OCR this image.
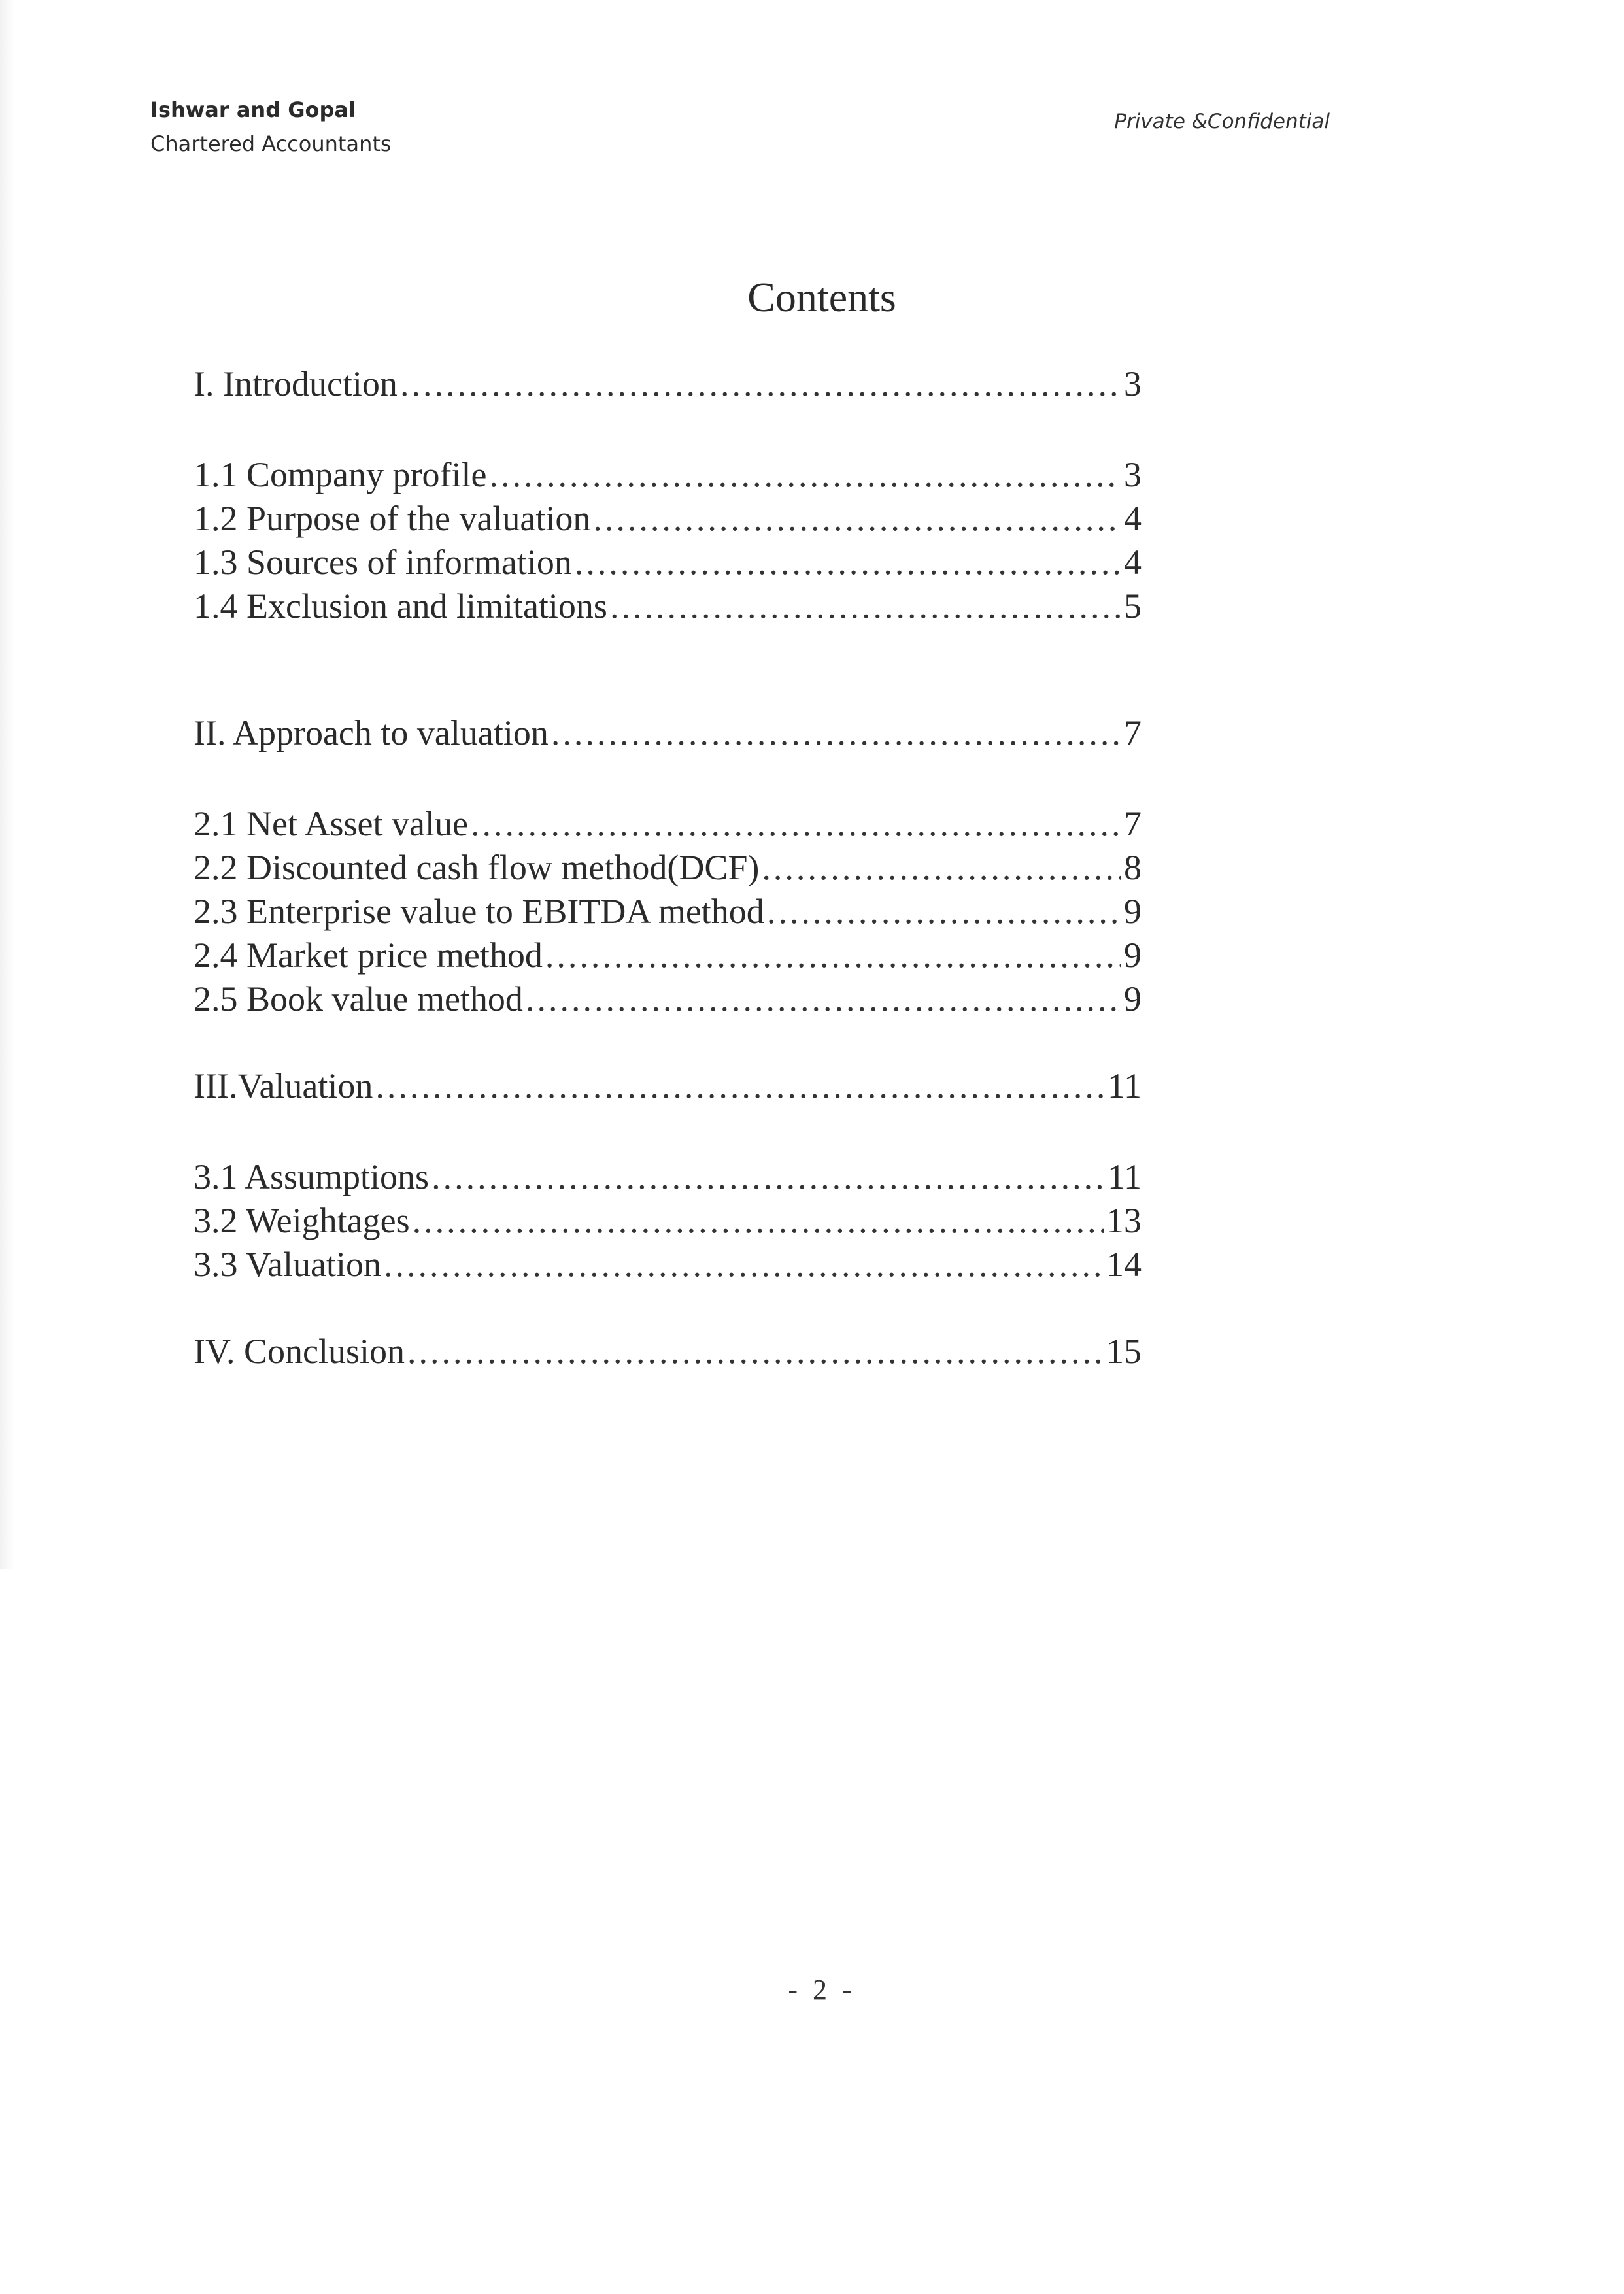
Ishwar and Gopal
Chartered Accountants
Private &Confidential
Contents
I. Introduction .....	3
1.1 Company profile .....	3
1.2 Purpose of the valuation .....	4
1.3 Sources of information .....	4
1.4 Exclusion and limitations .....	5
II. Approach to valuation .....	7
2.1 Net Asset value .....	7
2.2 Discounted cash flow method(DCF) .....	8
2.3 Enterprise value to EBITDA method .....	9
2.4 Market price method .....	9
2.5 Book value method .....	9
III.Valuation .....	11
3.1 Assumptions .....	11
3.2 Weightages .....	13
3.3 Valuation .....	14
IV. Conclusion .....	15
- 2 -
